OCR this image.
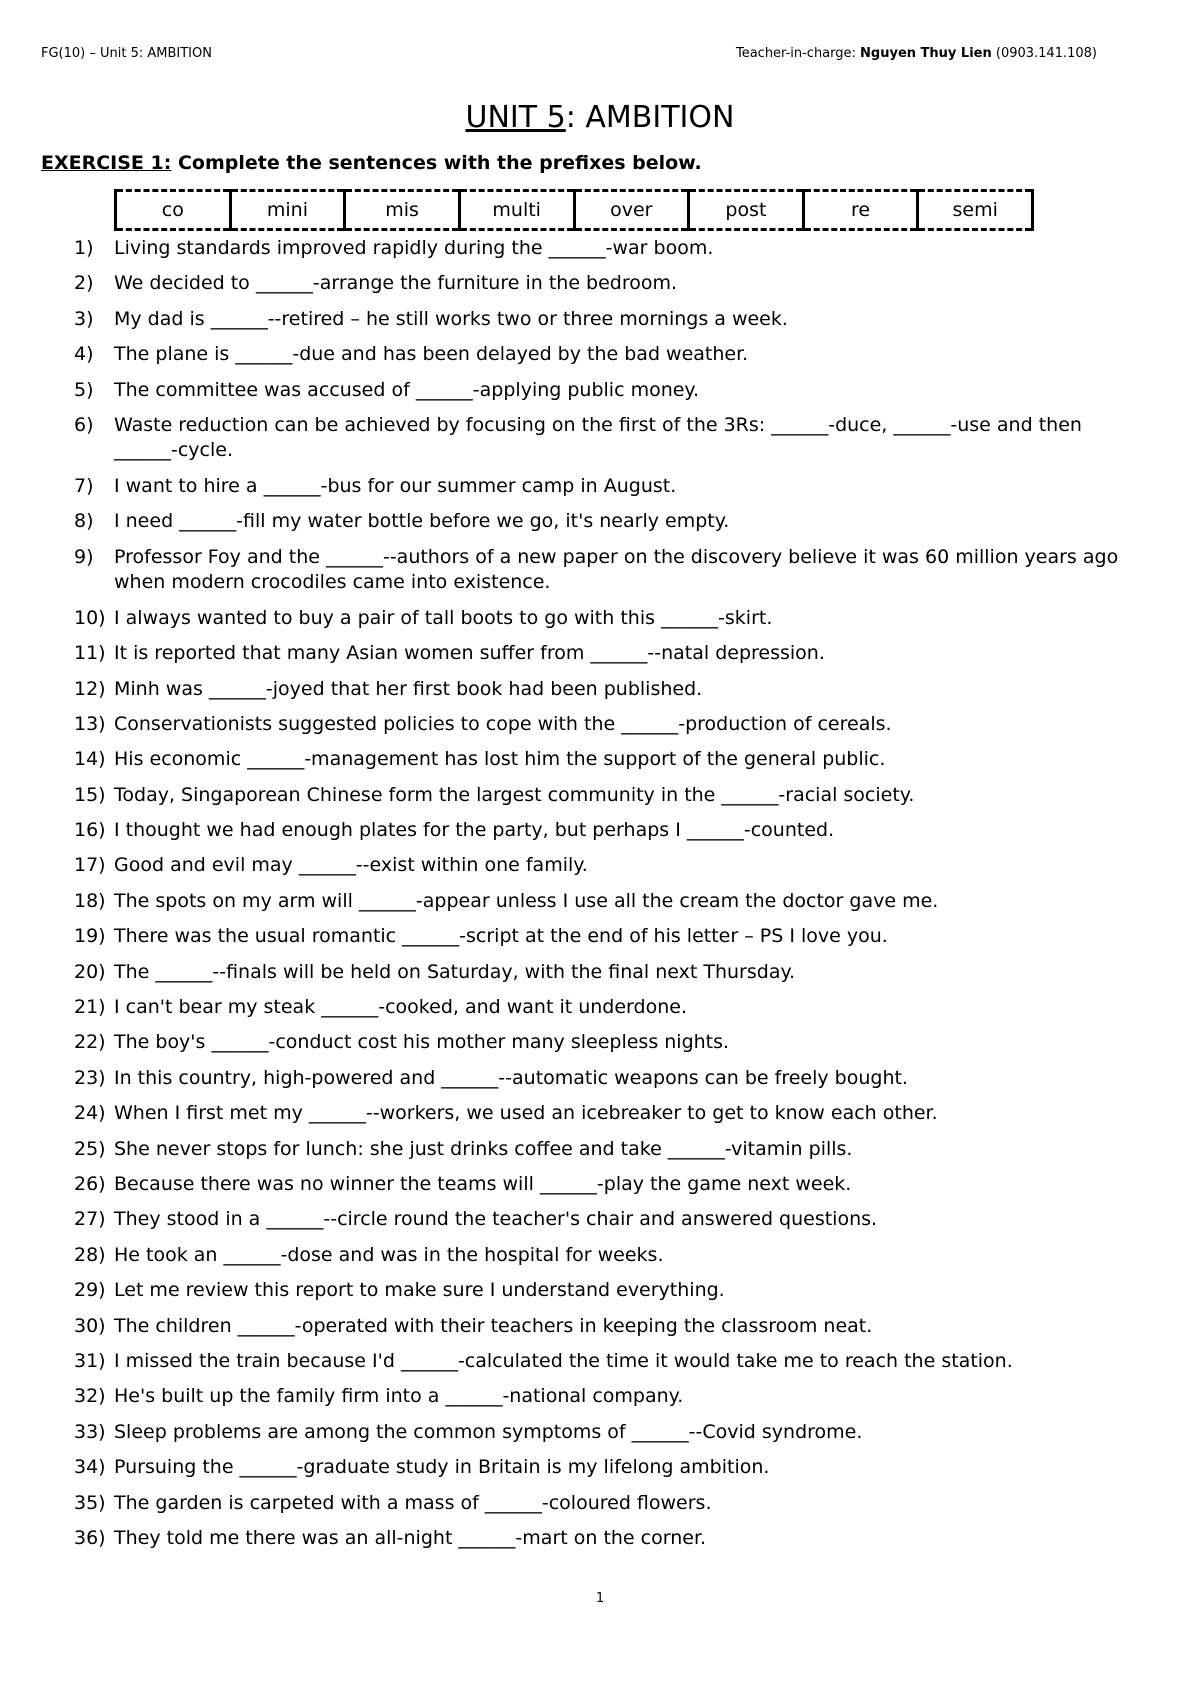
FG(10) – Unit 5: AMBITION	Teacher-in-charge: Nguyen Thuy Lien (0903.141.108)
UNIT 5: AMBITION
EXERCISE 1: Complete the sentences with the prefixes below.
co	mini	mis	multi	over	post	re	semi
1)	Living standards improved rapidly during the ______-war boom.
2)	We decided to ______-arrange the furniture in the bedroom.
3)	My dad is ______--retired – he still works two or three mornings a week.
4)	The plane is ______-due and has been delayed by the bad weather.
5)	The committee was accused of ______-applying public money.
6)	Waste reduction can be achieved by focusing on the first of the 3Rs: ______-duce, ______-use and then ______-cycle.
7)	I want to hire a ______-bus for our summer camp in August.
8)	I need ______-fill my water bottle before we go, it's nearly empty.
9)	Professor Foy and the ______--authors of a new paper on the discovery believe it was 60 million years ago when modern crocodiles came into existence.
10) I always wanted to buy a pair of tall boots to go with this ______-skirt.
11) It is reported that many Asian women suffer from ______--natal depression.
12) Minh was ______-joyed that her first book had been published.
13) Conservationists suggested policies to cope with the ______-production of cereals.
14) His economic ______-management has lost him the support of the general public.
15) Today, Singaporean Chinese form the largest community in the ______-racial society.
16) I thought we had enough plates for the party, but perhaps I ______-counted.
17) Good and evil may ______--exist within one family.
18) The spots on my arm will ______-appear unless I use all the cream the doctor gave me.
19) There was the usual romantic ______-script at the end of his letter – PS I love you.
20) The ______--finals will be held on Saturday, with the final next Thursday.
21) I can't bear my steak ______-cooked, and want it underdone.
22) The boy's ______-conduct cost his mother many sleepless nights.
23) In this country, high-powered and ______--automatic weapons can be freely bought.
24) When I first met my ______--workers, we used an icebreaker to get to know each other.
25) She never stops for lunch: she just drinks coffee and take ______-vitamin pills.
26) Because there was no winner the teams will ______-play the game next week.
27) They stood in a ______--circle round the teacher's chair and answered questions.
28) He took an ______-dose and was in the hospital for weeks.
29) Let me review this report to make sure I understand everything.
30) The children ______-operated with their teachers in keeping the classroom neat.
31) I missed the train because I'd ______-calculated the time it would take me to reach the station.
32) He's built up the family firm into a ______-national company.
33) Sleep problems are among the common symptoms of ______--Covid syndrome.
34) Pursuing the ______-graduate study in Britain is my lifelong ambition.
35) The garden is carpeted with a mass of ______-coloured flowers.
36) They told me there was an all-night ______-mart on the corner.
1
